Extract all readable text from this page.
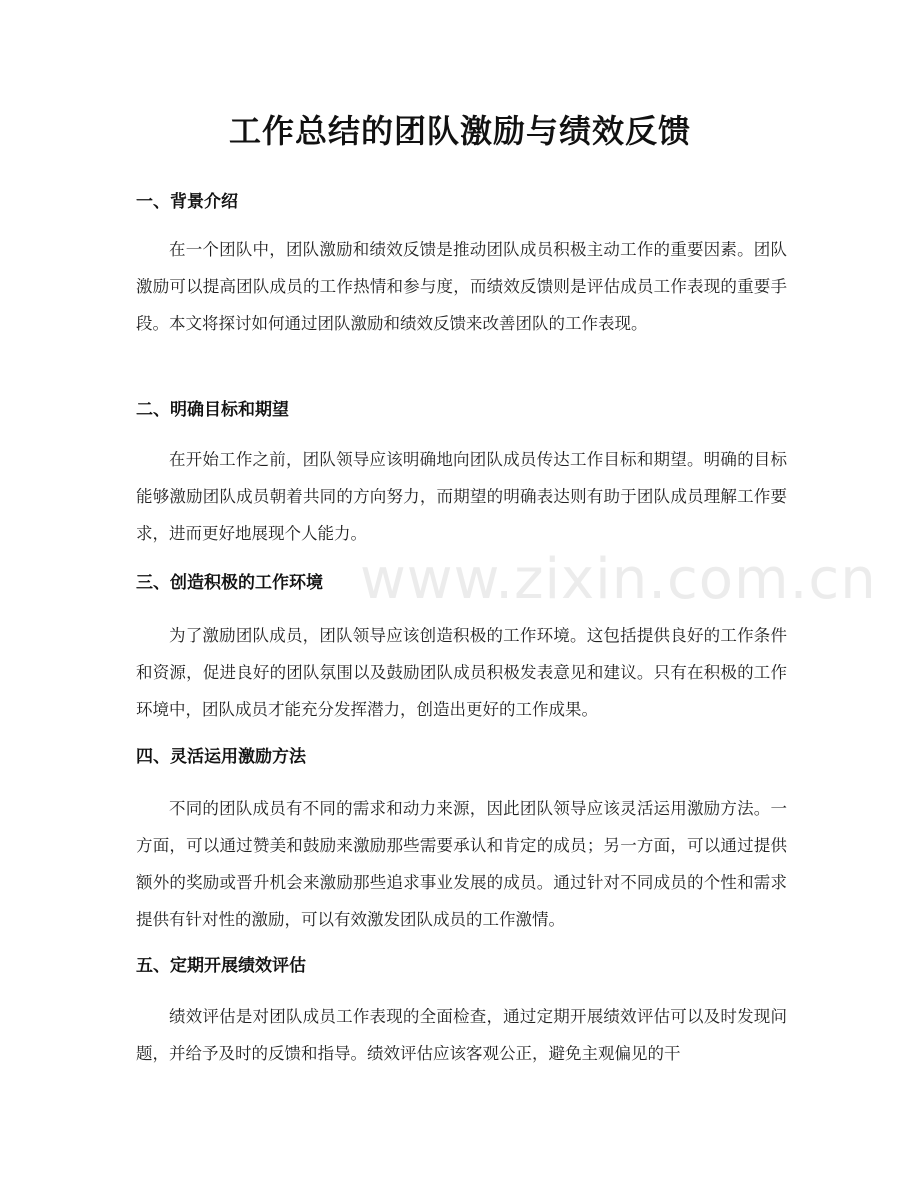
www.zixin.com.cn
工作总结的团队激励与绩效反馈
一、背景介绍

在一个团队中，团队激励和绩效反馈是推动团队成员积极主动工作的重要因素。团队激励可以提高团队成员的工作热情和参与度，而绩效反馈则是评估成员工作表现的重要手段。本文将探讨如何通过团队激励和绩效反馈来改善团队的工作表现。

二、明确目标和期望

在开始工作之前，团队领导应该明确地向团队成员传达工作目标和期望。明确的目标能够激励团队成员朝着共同的方向努力，而期望的明确表达则有助于团队成员理解工作要求，进而更好地展现个人能力。

三、创造积极的工作环境

为了激励团队成员，团队领导应该创造积极的工作环境。这包括提供良好的工作条件和资源，促进良好的团队氛围以及鼓励团队成员积极发表意见和建议。只有在积极的工作环境中，团队成员才能充分发挥潜力，创造出更好的工作成果。

四、灵活运用激励方法

不同的团队成员有不同的需求和动力来源，因此团队领导应该灵活运用激励方法。一方面，可以通过赞美和鼓励来激励那些需要承认和肯定的成员；另一方面，可以通过提供额外的奖励或晋升机会来激励那些追求事业发展的成员。通过针对不同成员的个性和需求提供有针对性的激励，可以有效激发团队成员的工作激情。

五、定期开展绩效评估

绩效评估是对团队成员工作表现的全面检查，通过定期开展绩效评估可以及时发现问题，并给予及时的反馈和指导。绩效评估应该客观公正，避免主观偏见的干
